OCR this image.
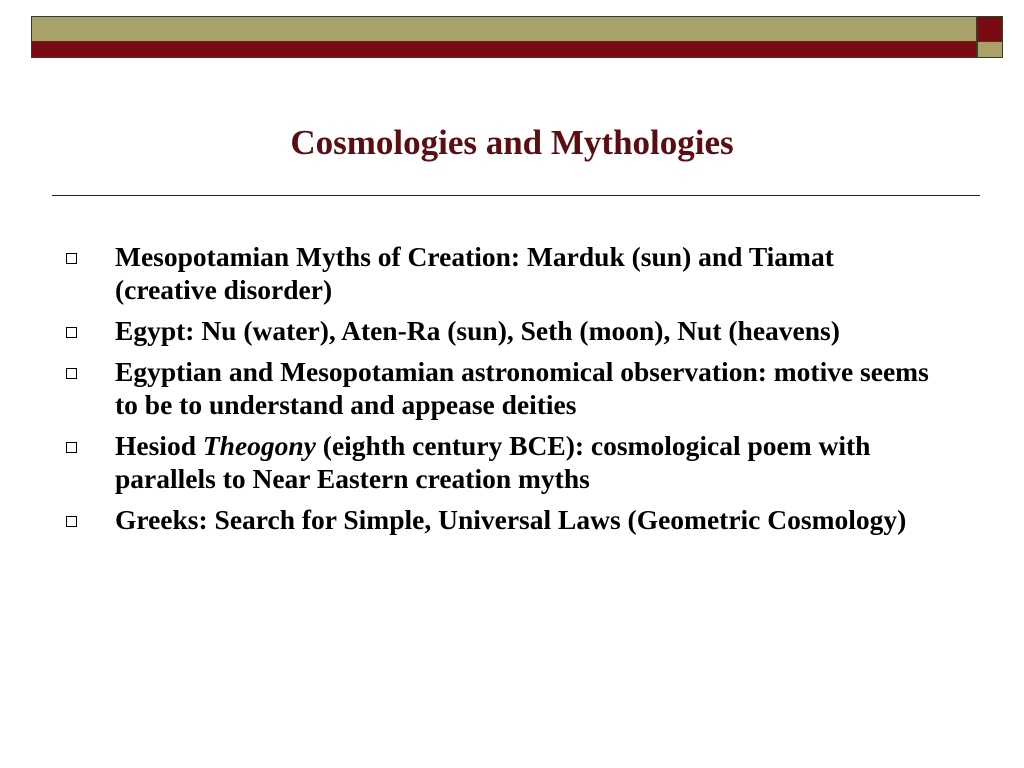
Cosmologies and Mythologies
Mesopotamian Myths of Creation: Marduk (sun) and Tiamat (creative disorder)
Egypt: Nu (water), Aten-Ra (sun), Seth (moon), Nut (heavens)
Egyptian and Mesopotamian astronomical observation: motive seems to be to understand and appease deities
Hesiod Theogony (eighth century BCE): cosmological poem with parallels to Near Eastern creation myths
Greeks: Search for Simple, Universal Laws (Geometric Cosmology)
